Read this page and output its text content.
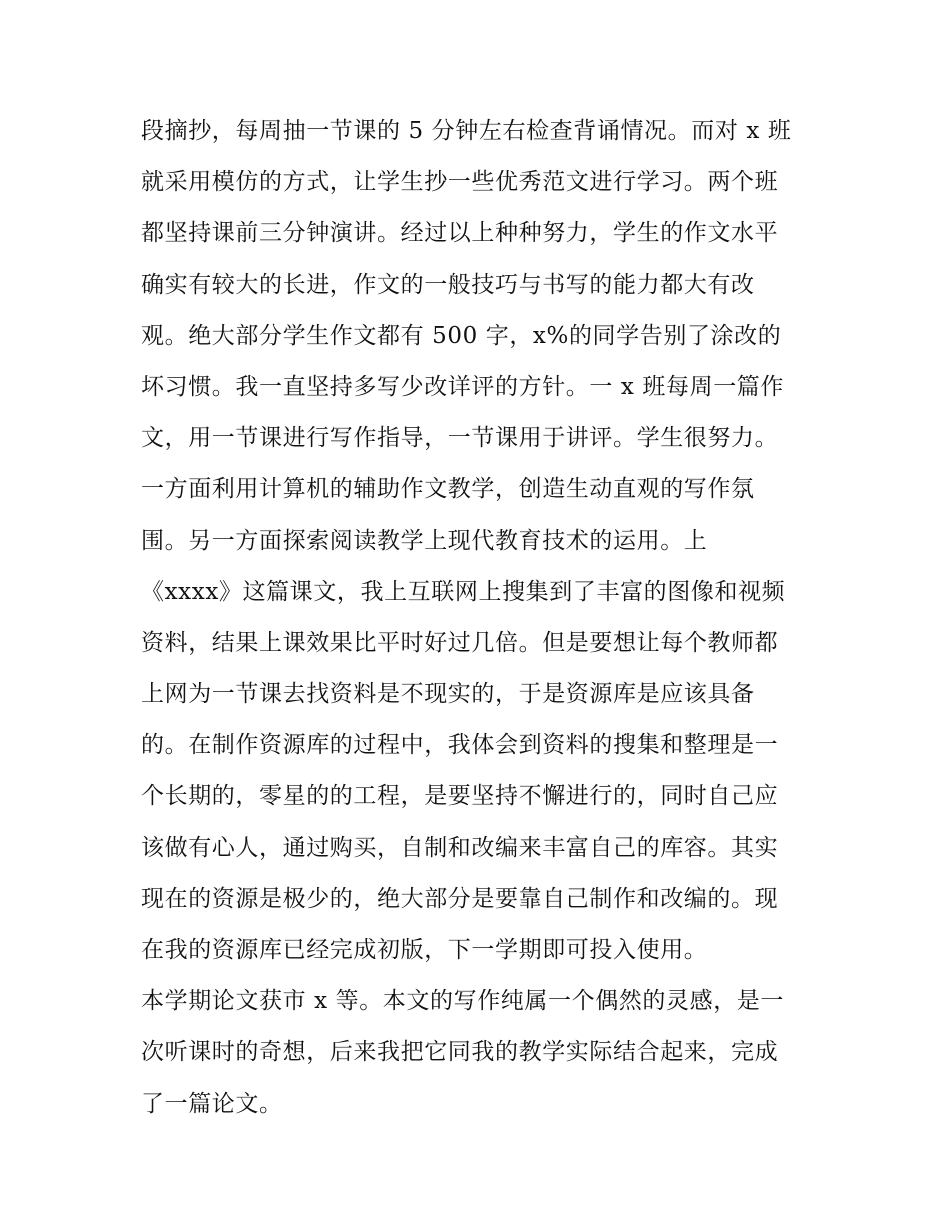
段摘抄，每周抽一节课的 5 分钟左右检查背诵情况。而对 x 班
就采用模仿的方式，让学生抄一些优秀范文进行学习。两个班
都坚持课前三分钟演讲。经过以上种种努力，学生的作文水平
确实有较大的长进，作文的一般技巧与书写的能力都大有改
观。绝大部分学生作文都有 500 字，x%的同学告别了涂改的
坏习惯。我一直坚持多写少改详评的方针。一 x 班每周一篇作
文，用一节课进行写作指导，一节课用于讲评。学生很努力。
一方面利用计算机的辅助作文教学，创造生动直观的写作氛
围。另一方面探索阅读教学上现代教育技术的运用。上
《xxxx》这篇课文，我上互联网上搜集到了丰富的图像和视频
资料，结果上课效果比平时好过几倍。但是要想让每个教师都
上网为一节课去找资料是不现实的，于是资源库是应该具备
的。在制作资源库的过程中，我体会到资料的搜集和整理是一
个长期的，零星的的工程，是要坚持不懈进行的，同时自己应
该做有心人，通过购买，自制和改编来丰富自己的库容。其实
现在的资源是极少的，绝大部分是要靠自己制作和改编的。现
在我的资源库已经完成初版，下一学期即可投入使用。
本学期论文获市 x 等。本文的写作纯属一个偶然的灵感，是一
次听课时的奇想，后来我把它同我的教学实际结合起来，完成
了一篇论文。
